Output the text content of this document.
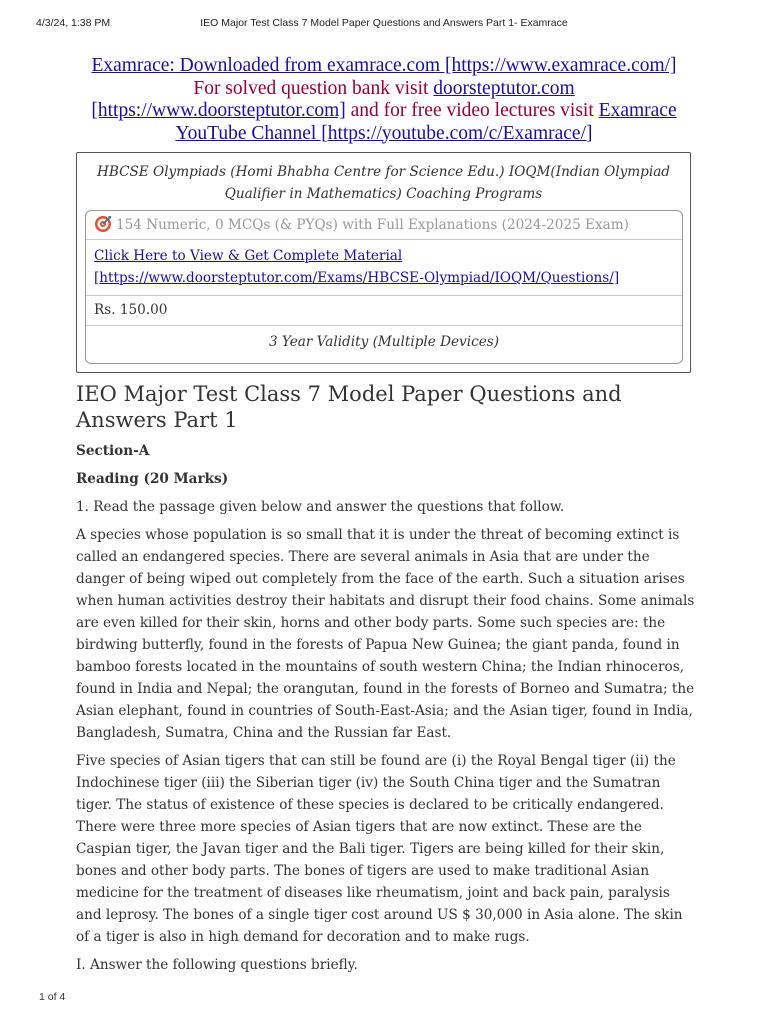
4/3/24, 1:38 PM	IEO Major Test Class 7 Model Paper Questions and Answers Part 1- Examrace
Examrace: Downloaded from examrace.com [https://www.examrace.com/]
For solved question bank visit doorsteptutor.com
[https://www.doorsteptutor.com] and for free video lectures visit Examrace YouTube Channel [https://youtube.com/c/Examrace/]
HBCSE Olympiads (Homi Bhabha Centre for Science Edu.) IOQM(Indian Olympiad Qualifier in Mathematics) Coaching Programs
154 Numeric, 0 MCQs (& PYQs) with Full Explanations (2024-2025 Exam)
Click Here to View & Get Complete Material
[https://www.doorsteptutor.com/Exams/HBCSE-Olympiad/IOQM/Questions/]
Rs. 150.00
3 Year Validity (Multiple Devices)
IEO Major Test Class 7 Model Paper Questions and Answers Part 1

Section-A

Reading (20 Marks)

1. Read the passage given below and answer the questions that follow.

A species whose population is so small that it is under the threat of becoming extinct is called an endangered species. There are several animals in Asia that are under the danger of being wiped out completely from the face of the earth. Such a situation arises when human activities destroy their habitats and disrupt their food chains. Some animals are even killed for their skin, horns and other body parts. Some such species are: the birdwing butterfly, found in the forests of Papua New Guinea; the giant panda, found in bamboo forests located in the mountains of south western China; the Indian rhinoceros, found in India and Nepal; the orangutan, found in the forests of Borneo and Sumatra; the Asian elephant, found in countries of South-East-Asia; and the Asian tiger, found in India, Bangladesh, Sumatra, China and the Russian far East.

Five species of Asian tigers that can still be found are (i) the Royal Bengal tiger (ii) the Indochinese tiger (iii) the Siberian tiger (iv) the South China tiger and the Sumatran tiger. The status of existence of these species is declared to be critically endangered. There were three more species of Asian tigers that are now extinct. These are the Caspian tiger, the Javan tiger and the Bali tiger. Tigers are being killed for their skin, bones and other body parts. The bones of tigers are used to make traditional Asian medicine for the treatment of diseases like rheumatism, joint and back pain, paralysis and leprosy. The bones of a single tiger cost around US $ 30,000 in Asia alone. The skin of a tiger is also in high demand for decoration and to make rugs.

I. Answer the following questions briefly.

1 of 4
